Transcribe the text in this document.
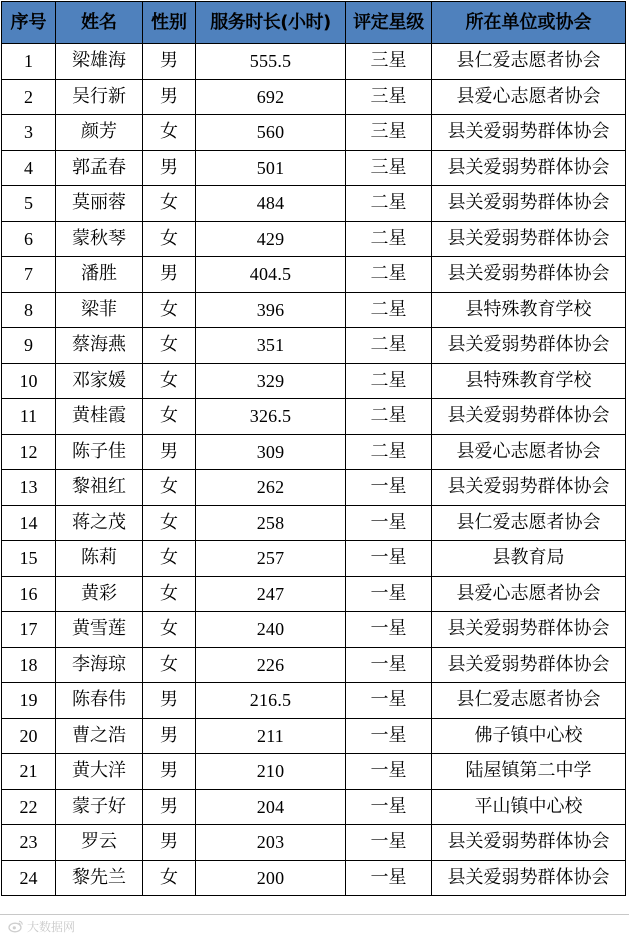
序号	姓名	性别	服务时长(小时)	评定星级	所在单位或协会
1	梁雄海	男	555.5	三星	县仁爱志愿者协会
2	吴行新	男	692	三星	县爱心志愿者协会
3	颜芳	女	560	三星	县关爱弱势群体协会
4	郭孟春	男	501	三星	县关爱弱势群体协会
5	莫丽蓉	女	484	二星	县关爱弱势群体协会
6	蒙秋琴	女	429	二星	县关爱弱势群体协会
7	潘胜	男	404.5	二星	县关爱弱势群体协会
8	梁菲	女	396	二星	县特殊教育学校
9	蔡海燕	女	351	二星	县关爱弱势群体协会
10	邓家媛	女	329	二星	县特殊教育学校
11	黄桂霞	女	326.5	二星	县关爱弱势群体协会
12	陈子佳	男	309	二星	县爱心志愿者协会
13	黎祖红	女	262	一星	县关爱弱势群体协会
14	蒋之茂	女	258	一星	县仁爱志愿者协会
15	陈莉	女	257	一星	县教育局
16	黄彩	女	247	一星	县爱心志愿者协会
17	黄雪莲	女	240	一星	县关爱弱势群体协会
18	李海琼	女	226	一星	县关爱弱势群体协会
19	陈春伟	男	216.5	一星	县仁爱志愿者协会
20	曹之浩	男	211	一星	佛子镇中心校
21	黄大洋	男	210	一星	陆屋镇第二中学
22	蒙子好	男	204	一星	平山镇中心校
23	罗云	男	203	一星	县关爱弱势群体协会
24	黎先兰	女	200	一星	县关爱弱势群体协会
大数据网
